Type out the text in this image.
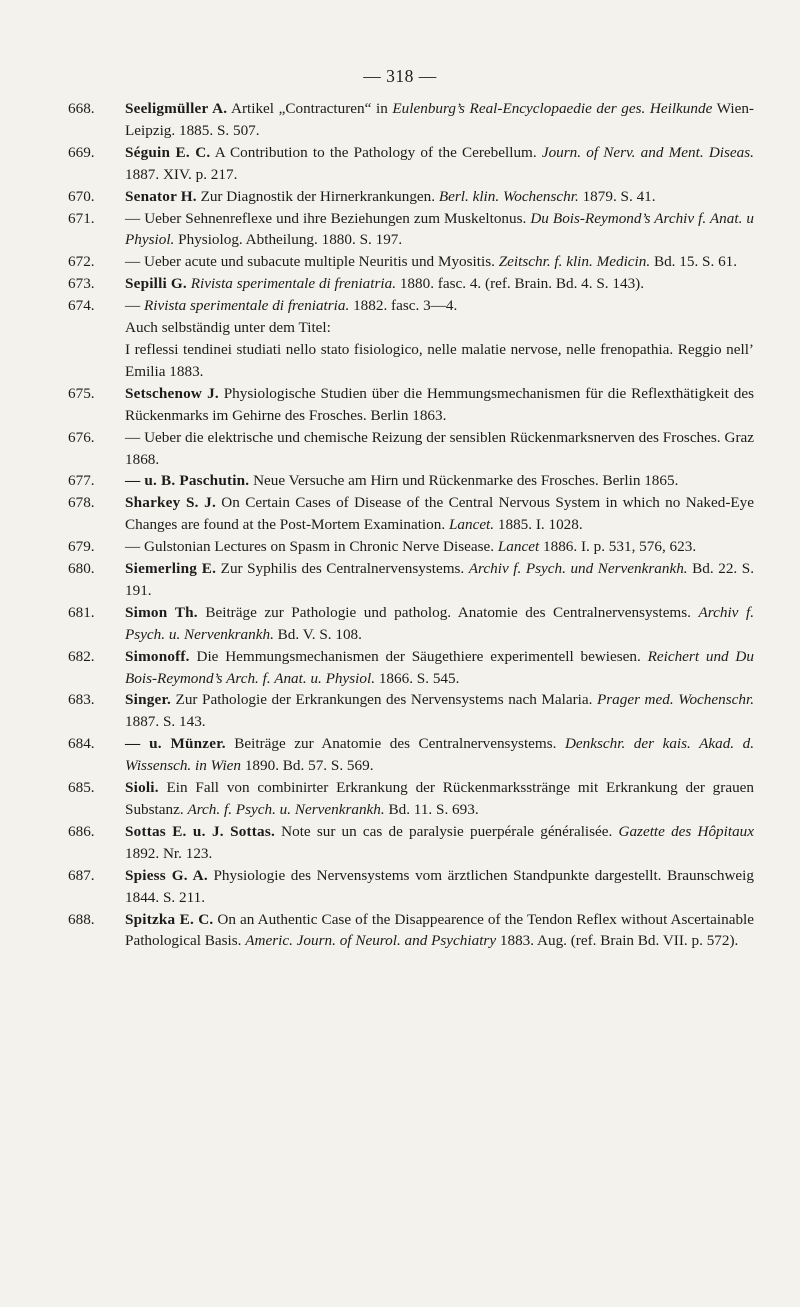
— 318 —
668.	Seeligmüller A. Artikel „Contracturen“ in Eulenburg’s Real-Encyclopaedie der ges. Heilkunde Wien-Leipzig. 1885. S. 507.
669.	Séguin E. C. A Contribution to the Pathology of the Cerebellum. Journ. of Nerv. and Ment. Diseas. 1887. XIV. p. 217.
670.	Senator H. Zur Diagnostik der Hirnerkrankungen. Berl. klin. Wochenschr. 1879. S. 41.
671.	— Ueber Sehnenreflexe und ihre Beziehungen zum Muskeltonus. Du Bois-Reymond’s Archiv f. Anat. u Physiol. Physiolog. Abtheilung. 1880. S. 197.
672.	— Ueber acute und subacute multiple Neuritis und Myositis. Zeitschr. f. klin. Medicin. Bd. 15. S. 61.
673.	Sepilli G. Rivista sperimentale di freniatria. 1880. fasc. 4. (ref. Brain. Bd. 4. S. 143).
674.	— Rivista sperimentale di freniatria. 1882. fasc. 3—4.
Auch selbständig unter dem Titel:
I reflessi tendinei studiati nello stato fisiologico, nelle malatie nervose, nelle frenopathia. Reggio nell’ Emilia 1883.
675.	Setschenow J. Physiologische Studien über die Hemmungsmechanismen für die Reflexthätigkeit des Rückenmarks im Gehirne des Frosches. Berlin 1863.
676.	— Ueber die elektrische und chemische Reizung der sensiblen Rückenmarksnerven des Frosches. Graz 1868.
677.	— u. B. Paschutin. Neue Versuche am Hirn und Rückenmarke des Frosches. Berlin 1865.
678.	Sharkey S. J. On Certain Cases of Disease of the Central Nervous System in which no Naked-Eye Changes are found at the Post-Mortem Examination. Lancet. 1885. I. 1028.
679.	— Gulstonian Lectures on Spasm in Chronic Nerve Disease. Lancet 1886. I. p. 531, 576, 623.
680.	Siemerling E. Zur Syphilis des Centralnervensystems. Archiv f. Psych. und Nervenkrankh. Bd. 22. S. 191.
681.	Simon Th. Beiträge zur Pathologie und patholog. Anatomie des Centralnervensystems. Archiv f. Psych. u. Nervenkrankh. Bd. V. S. 108.
682.	Simonoff. Die Hemmungsmechanismen der Säugethiere experimentell bewiesen. Reichert und Du Bois-Reymond’s Arch. f. Anat. u. Physiol. 1866. S. 545.
683.	Singer. Zur Pathologie der Erkrankungen des Nervensystems nach Malaria. Prager med. Wochenschr. 1887. S. 143.
684.	— u. Münzer. Beiträge zur Anatomie des Centralnervensystems. Denkschr. der kais. Akad. d. Wissensch. in Wien 1890. Bd. 57. S. 569.
685.	Sioli. Ein Fall von combinirter Erkrankung der Rückenmarksstränge mit Erkrankung der grauen Substanz. Arch. f. Psych. u. Nervenkrankh. Bd. 11. S. 693.
686.	Sottas E. u. J. Sottas. Note sur un cas de paralysie puerpérale généralisée. Gazette des Hôpitaux 1892. Nr. 123.
687.	Spiess G. A. Physiologie des Nervensystems vom ärztlichen Standpunkte dargestellt. Braunschweig 1844. S. 211.
688.	Spitzka E. C. On an Authentic Case of the Disappearence of the Tendon Reflex without Ascertainable Pathological Basis. Americ. Journ. of Neurol. and Psychiatry 1883. Aug. (ref. Brain Bd. VII. p. 572).
